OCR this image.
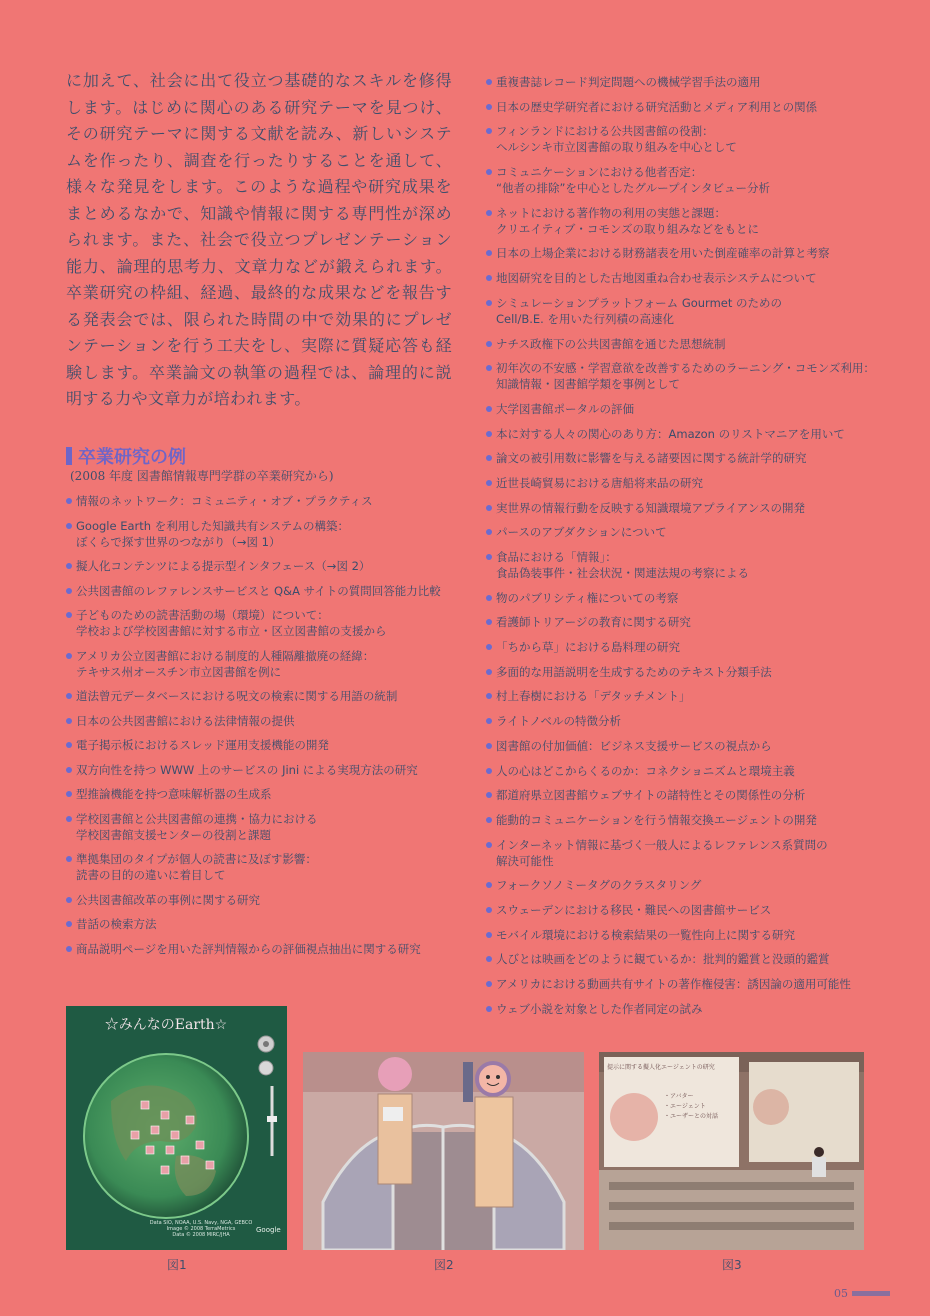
に加えて、社会に出て役立つ基礎的なスキルを修得します。はじめに関心のある研究テーマを見つけ、その研究テーマに関する文献を読み、新しいシステムを作ったり、調査を行ったりすることを通して、様々な発見をします。このような過程や研究成果をまとめるなかで、知識や情報に関する専門性が深められます。また、社会で役立つプレゼンテーション能力、論理的思考力、文章力などが鍛えられます。卒業研究の枠組、経過、最終的な成果などを報告する発表会では、限られた時間の中で効果的にプレゼンテーションを行う工夫をし、実際に質疑応答も経験します。卒業論文の執筆の過程では、論理的に説明する力や文章力が培われます。

卒業研究の例

(2008 年度 図書館情報専門学群の卒業研究から)

情報のネットワーク：コミュニティ・オブ・プラクティス
Google Earth を利用した知識共有システムの構築：
ぼくらで探す世界のつながり（→図 1）
擬人化コンテンツによる提示型インタフェース（→図 2）
公共図書館のレファレンスサービスと Q&A サイトの質問回答能力比較
子どものための読書活動の場（環境）について：
学校および学校図書館に対する市立・区立図書館の支援から
アメリカ公立図書館における制度的人種隔離撤廃の経緯：
テキサス州オースチン市立図書館を例に
道法曾元データベースにおける呪文の検索に関する用語の統制
日本の公共図書館における法律情報の提供
電子掲示板におけるスレッド運用支援機能の開発
双方向性を持つ WWW 上のサービスの Jini による実現方法の研究
型推論機能を持つ意味解析器の生成系
学校図書館と公共図書館の連携・協力における
学校図書館支援センターの役割と課題
準拠集団のタイプが個人の読書に及ぼす影響：
読書の目的の違いに着目して
公共図書館改革の事例に関する研究
昔話の検索方法
商品説明ページを用いた評判情報からの評価視点抽出に関する研究
重複書誌レコード判定問題への機械学習手法の適用
日本の歴史学研究者における研究活動とメディア利用との関係
フィンランドにおける公共図書館の役割：
ヘルシンキ市立図書館の取り組みを中心として
コミュニケーションにおける他者否定：
“他者の排除”を中心としたグループインタビュー分析
ネットにおける著作物の利用の実態と課題：
クリエイティブ・コモンズの取り組みなどをもとに
日本の上場企業における財務諸表を用いた倒産確率の計算と考察
地図研究を目的とした古地図重ね合わせ表示システムについて
シミュレーションプラットフォーム Gourmet のための
Cell/B.E. を用いた行列積の高速化
ナチス政権下の公共図書館を通じた思想統制
初年次の不安感・学習意欲を改善するためのラーニング・コモンズ利用：
知識情報・図書館学類を事例として
大学図書館ポータルの評価
本に対する人々の関心のあり方：Amazon のリストマニアを用いて
論文の被引用数に影響を与える諸要因に関する統計学的研究
近世長崎貿易における唐船将来品の研究
実世界の情報行動を反映する知識環境アプライアンスの開発
パースのアブダクションについて
食品における「情報」：
食品偽装事件・社会状況・関連法規の考察による
物のパブリシティ権についての考察
看護師トリアージの教育に関する研究
「ちから草」における島料理の研究
多面的な用語説明を生成するためのテキスト分類手法
村上春樹における「デタッチメント」
ライトノベルの特徴分析
図書館の付加価値：ビジネス支援サービスの視点から
人の心はどこからくるのか：コネクショニズムと環境主義
都道府県立図書館ウェブサイトの諸特性とその関係性の分析
能動的コミュニケーションを行う情報交換エージェントの開発
インターネット情報に基づく一般人によるレファレンス系質問の
解決可能性
フォークソノミータグのクラスタリング
スウェーデンにおける移民・難民への図書館サービス
モバイル環境における検索結果の一覧性向上に関する研究
人びとは映画をどのように観ているか：批判的鑑賞と没頭的鑑賞
アメリカにおける動画共有サイトの著作権侵害：誘因論の適用可能性
ウェブ小説を対象とした作者同定の試み
☆みんなのEarth☆
Data SIO, NOAA, U.S. Navy, NGA, GEBCO
Image © 2008 TerraMetrics
Data © 2008 MIRC/JHA
Google
提示に関する擬人化エージェントの研究
・アバター
・エージェント
・ユーザーとの対話
図1	図2	図3
05
